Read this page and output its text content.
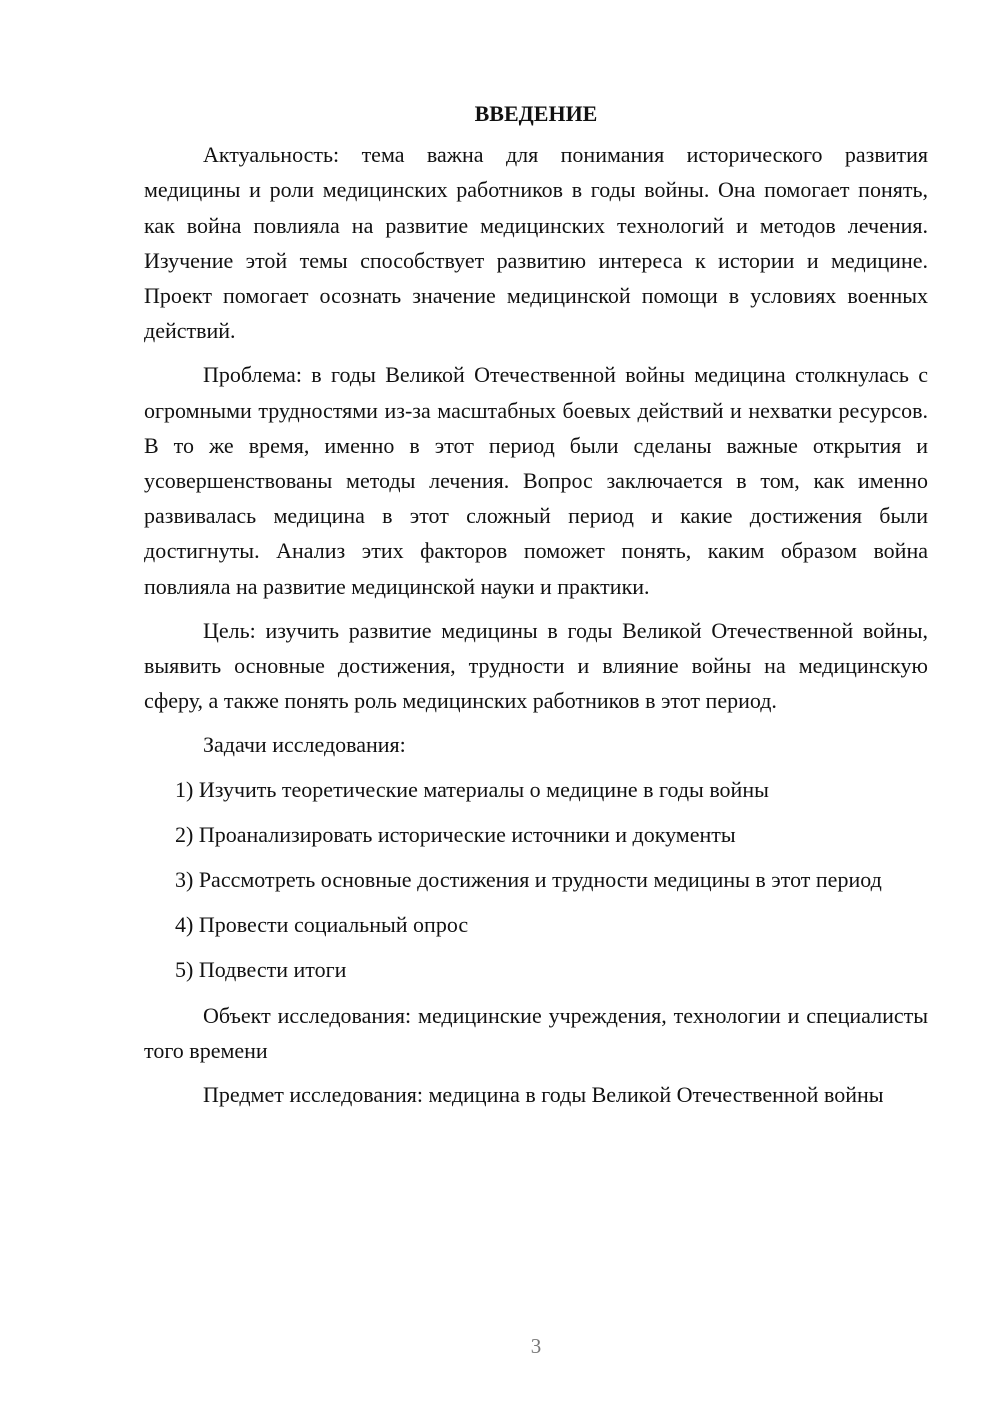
ВВЕДЕНИЕ

Актуальность: тема важна для понимания исторического развития медицины и роли медицинских работников в годы войны. Она помогает понять, как война повлияла на развитие медицинских технологий и методов лечения. Изучение этой темы способствует развитию интереса к истории и медицине. Проект помогает осознать значение медицинской помощи в условиях военных действий.

Проблема: в годы Великой Отечественной войны медицина столкнулась с огромными трудностями из-за масштабных боевых действий и нехватки ресурсов. В то же время, именно в этот период были сделаны важные открытия и усовершенствованы методы лечения. Вопрос заключается в том, как именно развивалась медицина в этот сложный период и какие достижения были достигнуты. Анализ этих факторов поможет понять, каким образом война повлияла на развитие медицинской науки и практики.

Цель: изучить развитие медицины в годы Великой Отечественной войны, выявить основные достижения, трудности и влияние войны на медицинскую сферу, а также понять роль медицинских работников в этот период.

Задачи исследования:

1) Изучить теоретические материалы о медицине в годы войны

2) Проанализировать исторические источники и документы

3) Рассмотреть основные достижения и трудности медицины в этот период

4) Провести социальный опрос

5) Подвести итоги

Объект исследования: медицинские учреждения, технологии и специалисты того времени

Предмет исследования: медицина в годы Великой Отечественной войны

3
